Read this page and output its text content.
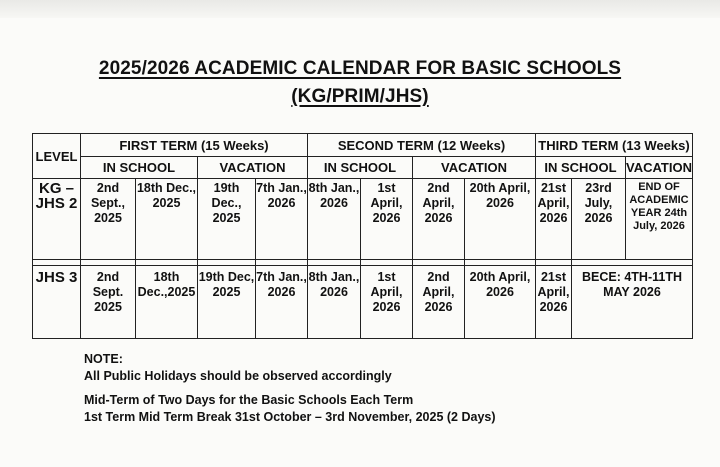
2025/2026 ACADEMIC CALENDAR FOR BASIC SCHOOLS
(KG/PRIM/JHS)
LEVEL	FIRST TERM (15 Weeks)				SECOND TERM (12 Weeks)				THIRD TERM (13 Weeks)		
	IN SCHOOL		VACATION		IN SCHOOL		VACATION		IN SCHOOL		VACATION
KG – JHS 2	2nd Sept., 2025	18th Dec., 2025	19th Dec., 2025	7th Jan., 2026	8th Jan., 2026	1st April, 2026	2nd April, 2026	20th April, 2026	21st April, 2026	23rd July, 2026	END OF ACADEMIC YEAR 24th July, 2026

JHS 3	2nd Sept. 2025	18th Dec.,2025	19th Dec, 2025	7th Jan., 2026	8th Jan., 2026	1st April, 2026	2nd April, 2026	20th April, 2026	21st April, 2026	BECE: 4TH-11TH MAY 2026	
NOTE:
All Public Holidays should be observed accordingly
Mid-Term of Two Days for the Basic Schools Each Term
1st Term Mid Term Break 31st October – 3rd November, 2025 (2 Days)
